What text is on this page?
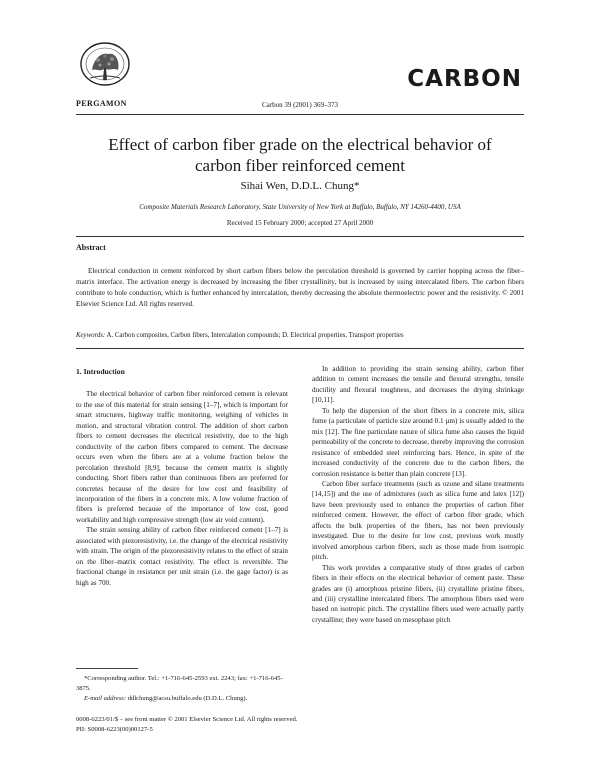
PERGAMON	Carbon 39 (2001) 369–373
CARBON
Effect of carbon fiber grade on the electrical behavior of
carbon fiber reinforced cement
Sihai Wen, D.D.L. Chung*
Composite Materials Research Laboratory, State University of New York at Buffalo, Buffalo, NY 14260-4400, USA
Received 15 February 2000; accepted 27 April 2000
Abstract

Electrical conduction in cement reinforced by short carbon fibers below the percolation threshold is governed by carrier hopping across the fiber–matrix interface. The activation energy is decreased by increasing the fiber crystallinity, but is increased by using intercalated fibers. The carbon fibers contribute to hole conduction, which is further enhanced by intercalation, thereby decreasing the absolute thermoelectric power and the resistivity. © 2001 Elsevier Science Ltd. All rights reserved.

Keywords: A. Carbon composites, Carbon fibers, Intercalation compounds; D. Electrical properties, Transport properties
1. Introduction

The electrical behavior of carbon fiber reinforced cement is relevant to the use of this material for strain sensing [1–7], which is important for smart structures, highway traffic monitoring, weighing of vehicles in motion, and structural vibration control. The addition of short carbon fibers to cement decreases the electrical resistivity, due to the high conductivity of the carbon fibers compared to cement. The decrease occurs even when the fibers are at a volume fraction below the percolation threshold [8,9], because the cement matrix is slightly conducting. Short fibers rather than continuous fibers are preferred for concretes because of the desire for low cost and feasibility of incorporation of the fibers in a concrete mix. A low volume fraction of fibers is preferred because of the importance of low cost, good workability and high compressive strength (low air void content).

The strain sensing ability of carbon fiber reinforced cement [1–7] is associated with piezoresistivity, i.e. the change of the electrical resistivity with strain. The origin of the piezoresistivity relates to the effect of strain on the fiber–matrix contact resistivity. The effect is reversible. The fractional change in resistance per unit strain (i.e. the gage factor) is as high as 700.

In addition to providing the strain sensing ability, carbon fiber addition to cement increases the tensile and flexural strengths, tensile ductility and flexural toughness, and decreases the drying shrinkage [10,11].

To help the dispersion of the short fibers in a concrete mix, silica fume (a particulate of particle size around 0.1 μm) is usually added to the mix [12]. The fine particulate nature of silica fume also causes the liquid permeability of the concrete to decrease, thereby improving the corrosion resistance of embedded steel reinforcing bars. Hence, in spite of the increased conductivity of the concrete due to the carbon fibers, the corrosion resistance is better than plain concrete [13].

Carbon fiber surface treatments (such as ozone and silane treatments [14,15]) and the use of admixtures (such as silica fume and latex [12]) have been previously used to enhance the properties of carbon fiber reinforced cement. However, the effect of carbon fiber grade, which affects the bulk properties of the fibers, has not been previously investigated. Due to the desire for low cost, previous work mostly involved amorphous carbon fibers, such as those made from isotropic pitch.

This work provides a comparative study of three grades of carbon fibers in their effects on the electrical behavior of cement paste. These grades are (i) amorphous pristine fibers, (ii) crystalline pristine fibers, and (iii) crystalline intercalated fibers. The amorphous fibers used were based on isotropic pitch. The crystalline fibers used were actually partly crystalline; they were based on mesophase pitch

*Corresponding author. Tel.: +1-716-645-2593 ext. 2243; fax: +1-716-645-3875.

E-mail address: ddlchung@acsu.buffalo.edu (D.D.L. Chung).

0008-6223/01/$ – see front matter © 2001 Elsevier Science Ltd. All rights reserved.
PII: S0008-6223(00)00127-5
